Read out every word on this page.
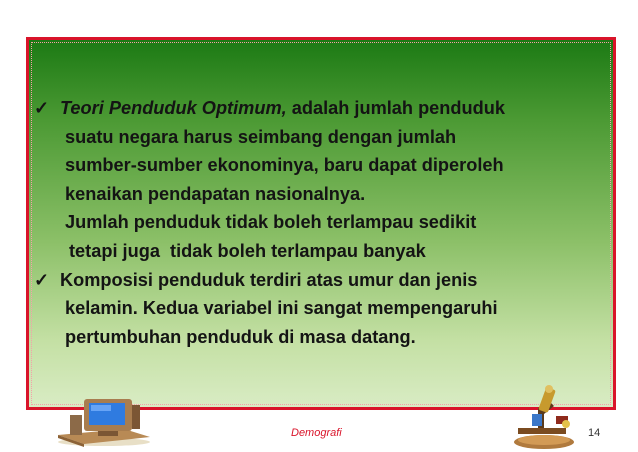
✓ Teori Penduduk Optimum, adalah jumlah penduduk
suatu negara harus seimbang dengan jumlah
sumber-sumber ekonominya, baru dapat diperoleh
kenaikan pendapatan nasionalnya.
Jumlah penduduk tidak boleh terlampau sedikit
tetapi juga  tidak boleh terlampau banyak
✓ Komposisi penduduk terdiri atas umur dan jenis
kelamin. Kedua variabel ini sangat mempengaruhi
pertumbuhan penduduk di masa datang.
Demografi	14
